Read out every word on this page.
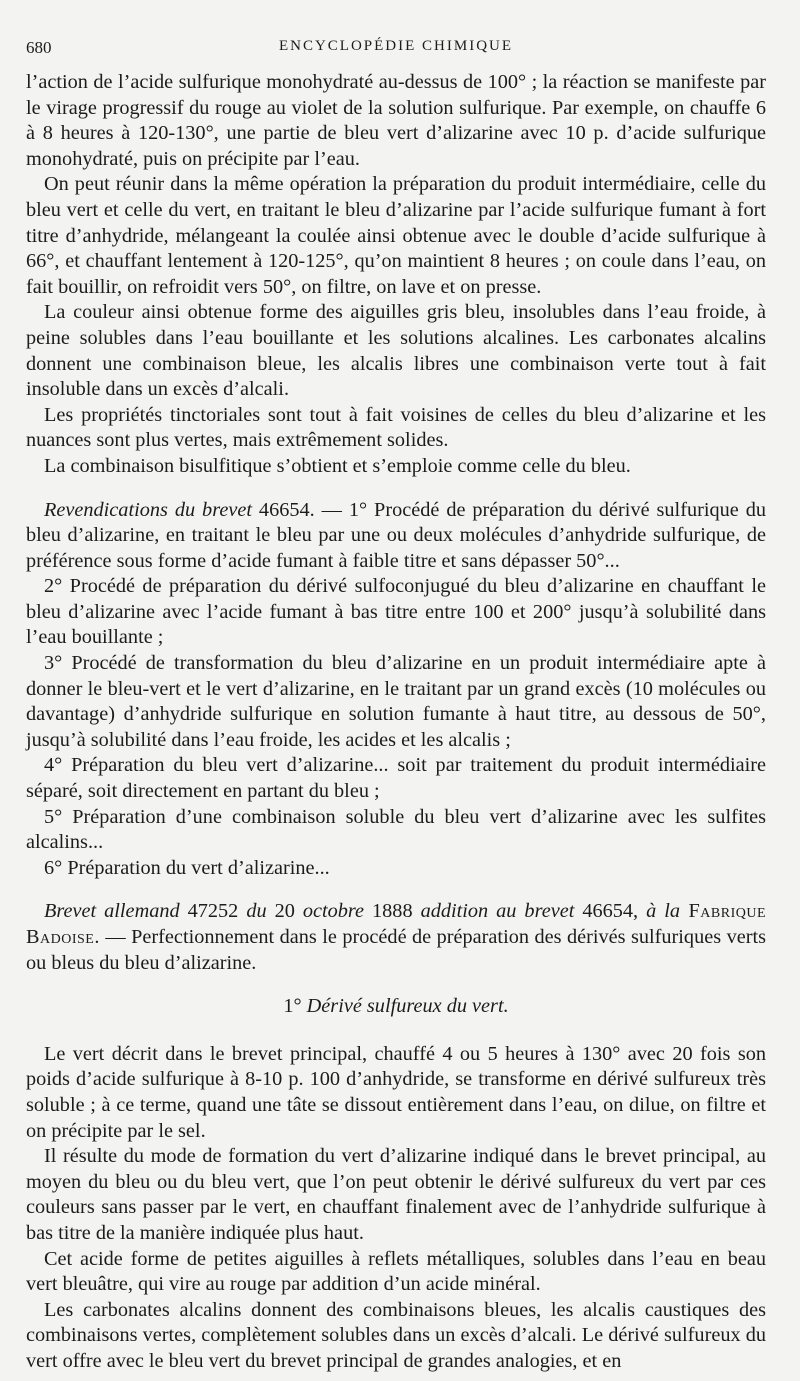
680	ENCYCLOPÉDIE CHIMIQUE

l’action de l’acide sulfurique monohydraté au-dessus de 100° ; la réaction se manifeste par le virage progressif du rouge au violet de la solution sulfurique. Par exemple, on chauffe 6 à 8 heures à 120-130°, une partie de bleu vert d’alizarine avec 10 p. d’acide sulfurique monohydraté, puis on précipite par l’eau.

On peut réunir dans la même opération la préparation du produit intermédiaire, celle du bleu vert et celle du vert, en traitant le bleu d’alizarine par l’acide sulfurique fumant à fort titre d’anhydride, mélangeant la coulée ainsi obtenue avec le double d’acide sulfurique à 66°, et chauffant lentement à 120-125°, qu’on maintient 8 heures ; on coule dans l’eau, on fait bouillir, on refroidit vers 50°, on filtre, on lave et on presse.

La couleur ainsi obtenue forme des aiguilles gris bleu, insolubles dans l’eau froide, à peine solubles dans l’eau bouillante et les solutions alcalines. Les carbonates alcalins donnent une combinaison bleue, les alcalis libres une combinaison verte tout à fait insoluble dans un excès d’alcali.

Les propriétés tinctoriales sont tout à fait voisines de celles du bleu d’alizarine et les nuances sont plus vertes, mais extrêmement solides.

La combinaison bisulfitique s’obtient et s’emploie comme celle du bleu.

Revendications du brevet 46654. — 1° Procédé de préparation du dérivé sulfurique du bleu d’alizarine, en traitant le bleu par une ou deux molécules d’anhydride sulfurique, de préférence sous forme d’acide fumant à faible titre et sans dépasser 50°...

2° Procédé de préparation du dérivé sulfoconjugué du bleu d’alizarine en chauffant le bleu d’alizarine avec l’acide fumant à bas titre entre 100 et 200° jusqu’à solubilité dans l’eau bouillante ;

3° Procédé de transformation du bleu d’alizarine en un produit intermédiaire apte à donner le bleu-vert et le vert d’alizarine, en le traitant par un grand excès (10 molécules ou davantage) d’anhydride sulfurique en solution fumante à haut titre, au dessous de 50°, jusqu’à solubilité dans l’eau froide, les acides et les alcalis ;

4° Préparation du bleu vert d’alizarine... soit par traitement du produit intermédiaire séparé, soit directement en partant du bleu ;

5° Préparation d’une combinaison soluble du bleu vert d’alizarine avec les sulfites alcalins...

6° Préparation du vert d’alizarine...

Brevet allemand 47252 du 20 octobre 1888 addition au brevet 46654, à la Fabrique Badoise. — Perfectionnement dans le procédé de préparation des dérivés sulfuriques verts ou bleus du bleu d’alizarine.

1° Dérivé sulfureux du vert.

Le vert décrit dans le brevet principal, chauffé 4 ou 5 heures à 130° avec 20 fois son poids d’acide sulfurique à 8-10 p. 100 d’anhydride, se transforme en dérivé sulfureux très soluble ; à ce terme, quand une tâte se dissout entièrement dans l’eau, on dilue, on filtre et on précipite par le sel.

Il résulte du mode de formation du vert d’alizarine indiqué dans le brevet principal, au moyen du bleu ou du bleu vert, que l’on peut obtenir le dérivé sulfureux du vert par ces couleurs sans passer par le vert, en chauffant finalement avec de l’anhydride sulfurique à bas titre de la manière indiquée plus haut.

Cet acide forme de petites aiguilles à reflets métalliques, solubles dans l’eau en beau vert bleuâtre, qui vire au rouge par addition d’un acide minéral.

Les carbonates alcalins donnent des combinaisons bleues, les alcalis caustiques des combinaisons vertes, complètement solubles dans un excès d’alcali. Le dérivé sulfureux du vert offre avec le bleu vert du brevet principal de grandes analogies, et en
